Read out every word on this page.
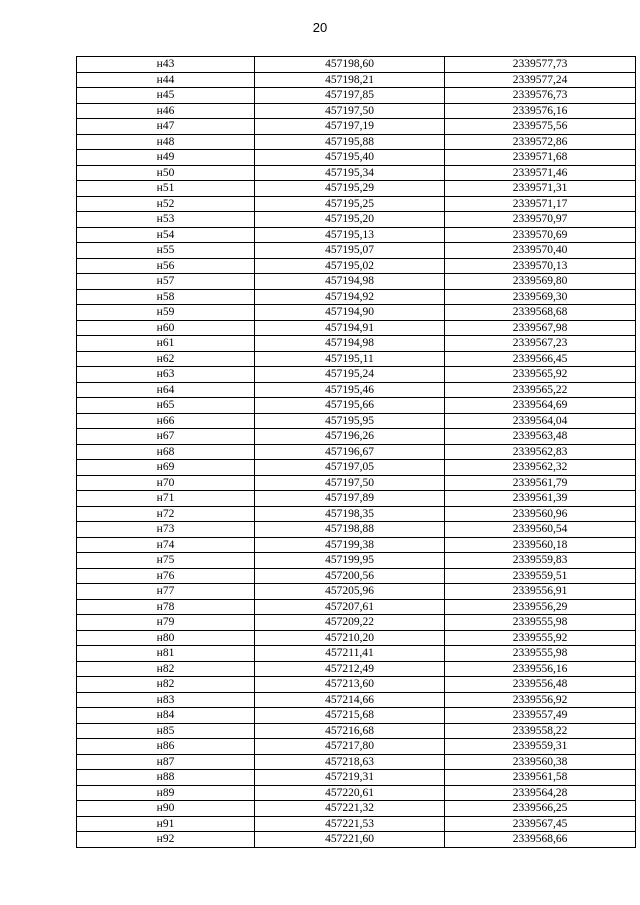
20
н43	457198,60	2339577,73
н44	457198,21	2339577,24
н45	457197,85	2339576,73
н46	457197,50	2339576,16
н47	457197,19	2339575,56
н48	457195,88	2339572,86
н49	457195,40	2339571,68
н50	457195,34	2339571,46
н51	457195,29	2339571,31
н52	457195,25	2339571,17
н53	457195,20	2339570,97
н54	457195,13	2339570,69
н55	457195,07	2339570,40
н56	457195,02	2339570,13
н57	457194,98	2339569,80
н58	457194,92	2339569,30
н59	457194,90	2339568,68
н60	457194,91	2339567,98
н61	457194,98	2339567,23
н62	457195,11	2339566,45
н63	457195,24	2339565,92
н64	457195,46	2339565,22
н65	457195,66	2339564,69
н66	457195,95	2339564,04
н67	457196,26	2339563,48
н68	457196,67	2339562,83
н69	457197,05	2339562,32
н70	457197,50	2339561,79
н71	457197,89	2339561,39
н72	457198,35	2339560,96
н73	457198,88	2339560,54
н74	457199,38	2339560,18
н75	457199,95	2339559,83
н76	457200,56	2339559,51
н77	457205,96	2339556,91
н78	457207,61	2339556,29
н79	457209,22	2339555,98
н80	457210,20	2339555,92
н81	457211,41	2339555,98
н82	457212,49	2339556,16
н82	457213,60	2339556,48
н83	457214,66	2339556,92
н84	457215,68	2339557,49
н85	457216,68	2339558,22
н86	457217,80	2339559,31
н87	457218,63	2339560,38
н88	457219,31	2339561,58
н89	457220,61	2339564,28
н90	457221,32	2339566,25
н91	457221,53	2339567,45
н92	457221,60	2339568,66
